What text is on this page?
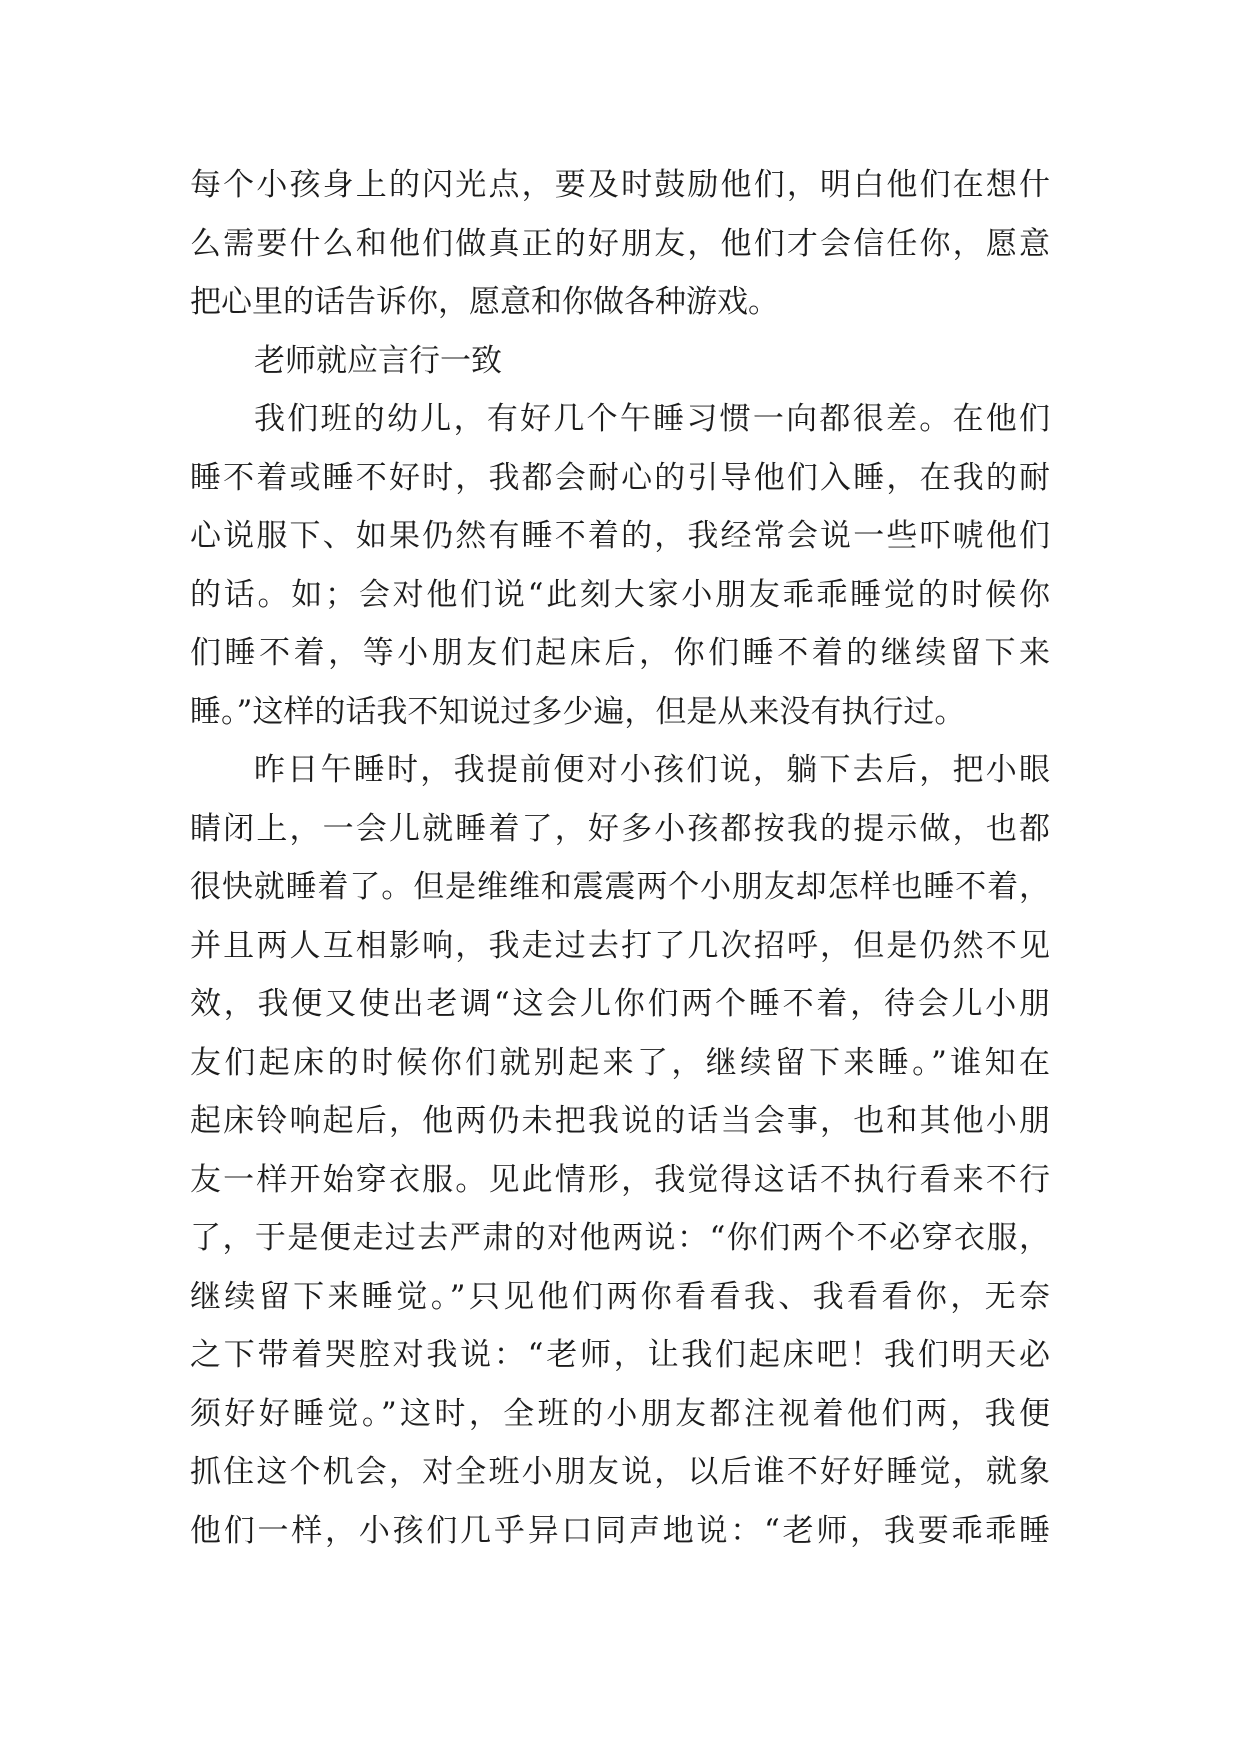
每个小孩身上的闪光点，要及时鼓励他们，明白他们在想什
么需要什么和他们做真正的好朋友，他们才会信任你，愿意
把心里的话告诉你，愿意和你做各种游戏。
老师就应言行一致
我们班的幼儿，有好几个午睡习惯一向都很差。在他们
睡不着或睡不好时，我都会耐心的引导他们入睡，在我的耐
心说服下、如果仍然有睡不着的，我经常会说一些吓唬他们
的话。如；会对他们说“此刻大家小朋友乖乖睡觉的时候你
们睡不着，等小朋友们起床后，你们睡不着的继续留下来
睡。”这样的话我不知说过多少遍，但是从来没有执行过。
昨日午睡时，我提前便对小孩们说，躺下去后，把小眼
睛闭上，一会儿就睡着了，好多小孩都按我的提示做，也都
很快就睡着了。但是维维和震震两个小朋友却怎样也睡不着，
并且两人互相影响，我走过去打了几次招呼，但是仍然不见
效，我便又使出老调“这会儿你们两个睡不着，待会儿小朋
友们起床的时候你们就别起来了，继续留下来睡。”谁知在
起床铃响起后，他两仍未把我说的话当会事，也和其他小朋
友一样开始穿衣服。见此情形，我觉得这话不执行看来不行
了，于是便走过去严肃的对他两说：“你们两个不必穿衣服，
继续留下来睡觉。”只见他们两你看看我、我看看你，无奈
之下带着哭腔对我说：“老师，让我们起床吧！我们明天必
须好好睡觉。”这时，全班的小朋友都注视着他们两，我便
抓住这个机会，对全班小朋友说，以后谁不好好睡觉，就象
他们一样，小孩们几乎异口同声地说：“老师，我要乖乖睡
